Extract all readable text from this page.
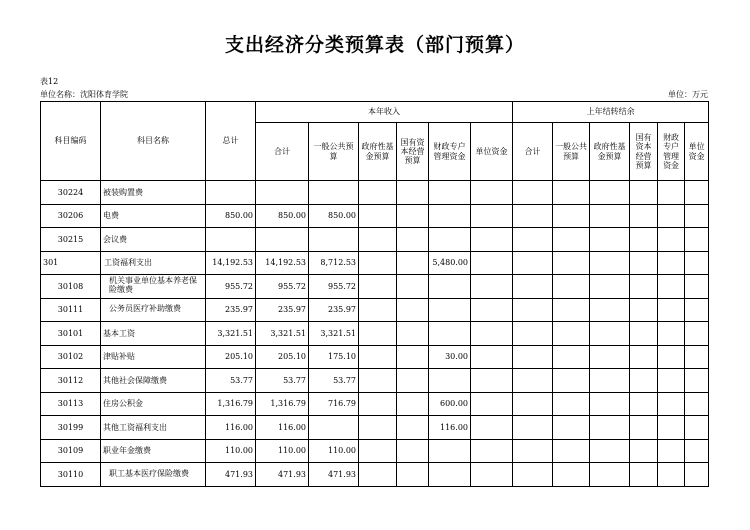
支出经济分类预算表（部门预算）
表12
单位名称：沈阳体育学院	单位：万元
科目编码	科目名称	总计	本年收入						上年结转结余					
			合计	一般公共预算	政府性基金预算	国有资本经营预算	财政专户管理资金	单位资金	合计	一般公共预算	政府性基金预算	国有资本经营预算	财政专户管理资金	单位资金
30224	被装购置费													
30206	电费	850.00	850.00	850.00										
30215	会议费													
301	工资福利支出	14,192.53	14,192.53	8,712.53			5,480.00							
30108	机关事业单位基本养老保险缴费	955.72	955.72	955.72										
30111	公务员医疗补助缴费	235.97	235.97	235.97										
30101	基本工资	3,321.51	3,321.51	3,321.51										
30102	津贴补贴	205.10	205.10	175.10			30.00							
30112	其他社会保障缴费	53.77	53.77	53.77										
30113	住房公积金	1,316.79	1,316.79	716.79			600.00							
30199	其他工资福利支出	116.00	116.00				116.00							
30109	职业年金缴费	110.00	110.00	110.00										
30110	职工基本医疗保险缴费	471.93	471.93	471.93										
